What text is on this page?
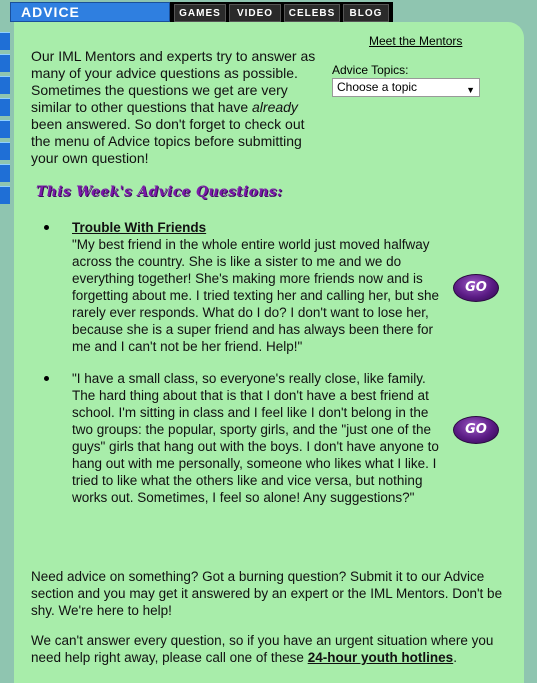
ADVICE	GAMES	VIDEO	CELEBS	BLOG
Our IML Mentors and experts try to answer as many of your advice questions as possible. Sometimes the questions we get are very similar to other questions that have already been answered. So don't forget to check out the menu of Advice topics before submitting your own question!
Meet the Mentors
Advice Topics:
Choose a topic	▼
This Week's Advice Questions:
Trouble With Friends
"My best friend in the whole entire world just moved halfway across the country. She is like a sister to me and we do everything together! She's making more friends now and is forgetting about me. I tried texting her and calling her, but she rarely ever responds. What do I do? I don't want to lose her, because she is a super friend and has always been there for me and I can't not be her friend. Help!"
GO
"I have a small class, so everyone's really close, like family. The hard thing about that is that I don't have a best friend at school. I'm sitting in class and I feel like I don't belong in the two groups: the popular, sporty girls, and the "just one of the guys" girls that hang out with the boys. I don't have anyone to hang out with me personally, someone who likes what I like. I tried to like what the others like and vice versa, but nothing works out. Sometimes, I feel so alone! Any suggestions?"
GO
Need advice on something? Got a burning question? Submit it to our Advice section and you may get it answered by an expert or the IML Mentors. Don't be shy. We're here to help!
We can't answer every question, so if you have an urgent situation where you need help right away, please call one of these 24-hour youth hotlines.
